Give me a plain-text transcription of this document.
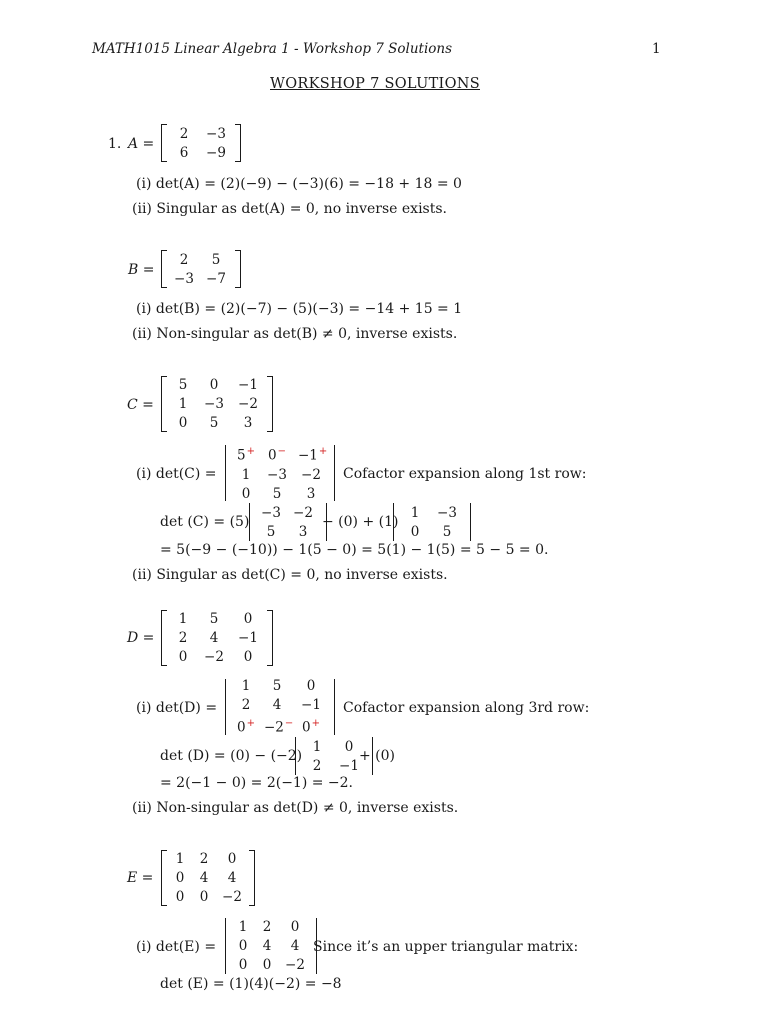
MATH1015 Linear Algebra 1 - Workshop 7 Solutions	1
WORKSHOP 7 SOLUTIONS
1. A =
2	−3
6	−9
(i) det(A) = (2)(−9) − (−3)(6) = −18 + 18 = 0
(ii) Singular as det(A) = 0, no inverse exists.
B =
2	5
−3 −7
(i) det(B) = (2)(−7) − (5)(−3) = −14 + 15 = 1
(ii) Non-singular as det(B) ≠ 0, inverse exists.
C =
5	0	−1
1	−3 −2
0	5	3
(i) det(C) =
5+ 0− −1+
1	−3 −2
0	5	3
Cofactor expansion along 1st row:
det (C) = (5)
−3 −2
5	3
− (0) + (1)
1	−3
0	5
= 5(−9 − (−10)) − 1(5 − 0) = 5(1) − 1(5) = 5 − 5 = 0.
(ii) Singular as det(C) = 0, no inverse exists.
D =
1	5	0
2	4	−1
0	−2	0
(i) det(D) =
1	5	0
2	4	−1
0+ −2− 0+
Cofactor expansion along 3rd row:
det (D) = (0) − (−2)
1	0
2	−1
+ (0)
= 2(−1 − 0) = 2(−1) = −2.
(ii) Non-singular as det(D) ≠ 0, inverse exists.
E =
1 2	0
0 4	4
0 0 −2
(i) det(E) =
1 2	0
0 4	4
0 0 −2
Since it’s an upper triangular matrix:
det (E) = (1)(4)(−2) = −8
